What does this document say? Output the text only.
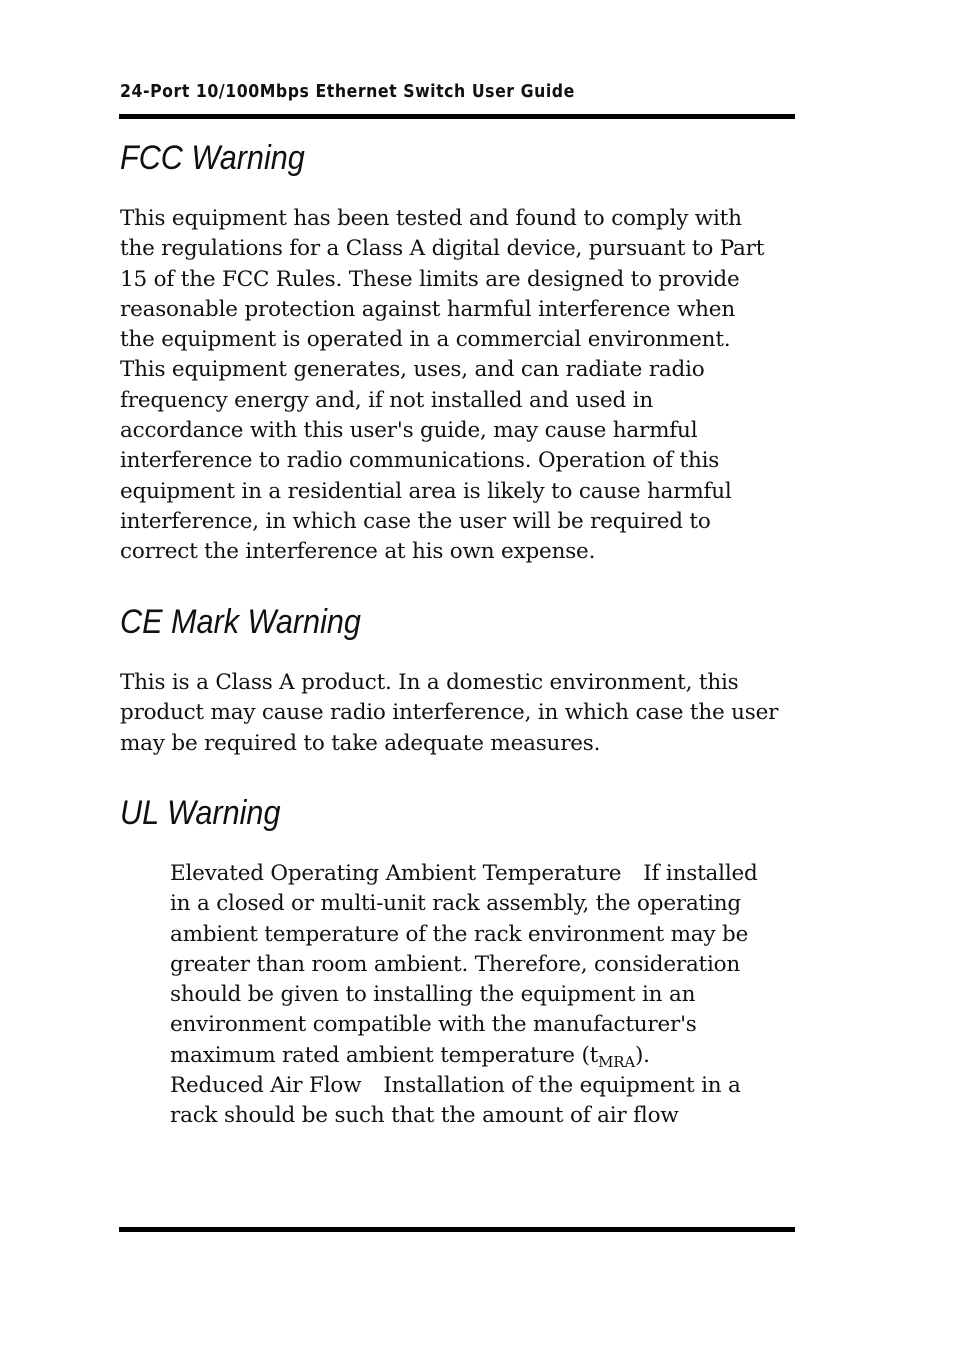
24-Port 10/100Mbps Ethernet Switch User Guide
FCC Warning
This equipment has been tested and found to comply with
the regulations for a Class A digital device, pursuant to Part
15 of the FCC Rules. These limits are designed to provide
reasonable protection against harmful interference when
the equipment is operated in a commercial environment.
This equipment generates, uses, and can radiate radio
frequency energy and, if not installed and used in
accordance with this user's guide, may cause harmful
interference to radio communications. Operation of this
equipment in a residential area is likely to cause harmful
interference, in which case the user will be required to
correct the interference at his own expense.
CE Mark Warning
This is a Class A product. In a domestic environment, this
product may cause radio interference, in which case the user
may be required to take adequate measures.
UL Warning
Elevated Operating Ambient Temperature If installed
in a closed or multi-unit rack assembly, the operating
ambient temperature of the rack environment may be
greater than room ambient. Therefore, consideration
should be given to installing the equipment in an
environment compatible with the manufacturer's
maximum rated ambient temperature $(t_{MRA})$.
Reduced Air Flow Installation of the equipment in a
rack should be such that the amount of air flow
